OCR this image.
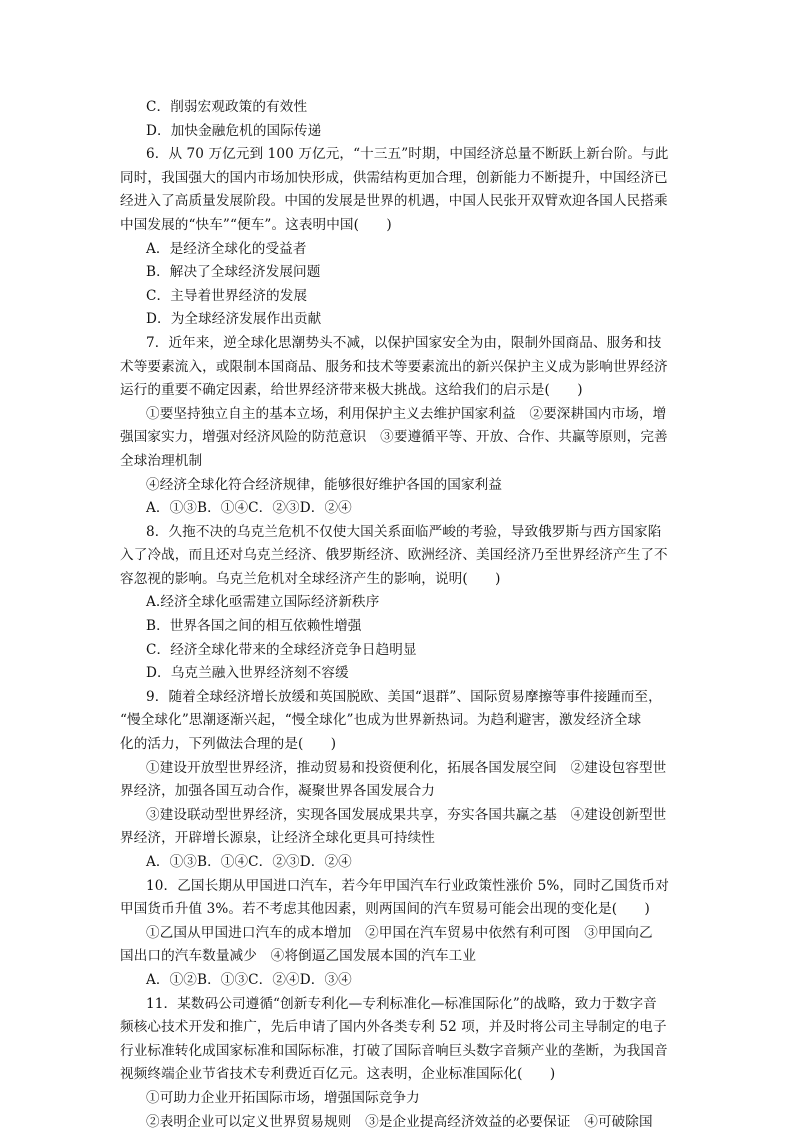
C．削弱宏观政策的有效性
D．加快金融危机的国际传递
6．从 70 万亿元到 100 万亿元，“十三五”时期，中国经济总量不断跃上新台阶。与此
同时，我国强大的国内市场加快形成，供需结构更加合理，创新能力不断提升，中国经济已
经进入了高质量发展阶段。中国的发展是世界的机遇，中国人民张开双臂欢迎各国人民搭乘
中国发展的“快车”“便车”。这表明中国(　　)
A．是经济全球化的受益者
B．解决了全球经济发展问题
C．主导着世界经济的发展
D．为全球经济发展作出贡献
7．近年来，逆全球化思潮势头不减，以保护国家安全为由，限制外国商品、服务和技
术等要素流入，或限制本国商品、服务和技术等要素流出的新兴保护主义成为影响世界经济
运行的重要不确定因素，给世界经济带来极大挑战。这给我们的启示是(　　)
①要坚持独立自主的基本立场，利用保护主义去维护国家利益　②要深耕国内市场，增
强国家实力，增强对经济风险的防范意识　③要遵循平等、开放、合作、共赢等原则，完善
全球治理机制
④经济全球化符合经济规律，能够很好维护各国的国家利益
A．①③B．①④C．②③D．②④
8．久拖不决的乌克兰危机不仅使大国关系面临严峻的考验，导致俄罗斯与西方国家陷
入了冷战，而且还对乌克兰经济、俄罗斯经济、欧洲经济、美国经济乃至世界经济产生了不
容忽视的影响。乌克兰危机对全球经济产生的影响，说明(　　)
A.经济全球化亟需建立国际经济新秩序
B．世界各国之间的相互依赖性增强
C．经济全球化带来的全球经济竞争日趋明显
D．乌克兰融入世界经济刻不容缓
9．随着全球经济增长放缓和英国脱欧、美国“退群”、国际贸易摩擦等事件接踵而至，
“慢全球化”思潮逐渐兴起，“慢全球化”也成为世界新热词。为趋利避害，激发经济全球
化的活力，下列做法合理的是(　　)
①建设开放型世界经济，推动贸易和投资便利化，拓展各国发展空间　②建设包容型世
界经济，加强各国互动合作，凝聚世界各国发展合力
③建设联动型世界经济，实现各国发展成果共享，夯实各国共赢之基　④建设创新型世
界经济，开辟增长源泉，让经济全球化更具可持续性
A．①③B．①④C．②③D．②④
10．乙国长期从甲国进口汽车，若今年甲国汽车行业政策性涨价 5%，同时乙国货币对
甲国货币升值 3%。若不考虑其他因素，则两国间的汽车贸易可能会出现的变化是(　　)
①乙国从甲国进口汽车的成本增加　②甲国在汽车贸易中依然有利可图　③甲国向乙
国出口的汽车数量减少　④将倒逼乙国发展本国的汽车工业
A．①②B．①③C．②④D．③④
11．某数码公司遵循“创新专利化—专利标准化—标准国际化”的战略，致力于数字音
频核心技术开发和推广，先后申请了国内外各类专利 52 项，并及时将公司主导制定的电子
行业标准转化成国家标准和国际标准，打破了国际音响巨头数字音频产业的垄断，为我国音
视频终端企业节省技术专利费近百亿元。这表明，企业标准国际化(　　)
①可助力企业开拓国际市场，增强国际竞争力
②表明企业可以定义世界贸易规则　③是企业提高经济效益的必要保证　④可破除国
